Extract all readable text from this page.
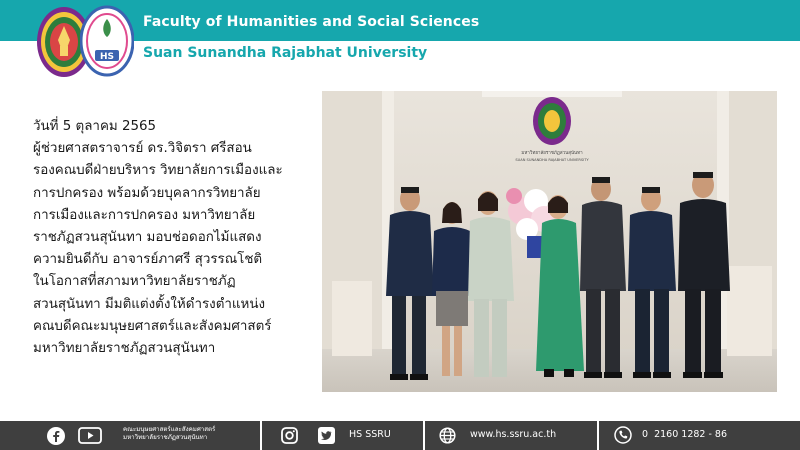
HS
Faculty of Humanities and Social Sciences
Suan Sunandha Rajabhat University
วันที่ 5 ตุลาคม 2565
ผู้ช่วยศาสตราจารย์ ดร.วิจิตรา ศรีสอน
รองคณบดีฝ่ายบริหาร วิทยาลัยการเมืองและ
การปกครอง พร้อมด้วยบุคลากรวิทยาลัย
การเมืองและการปกครอง มหาวิทยาลัย
ราชภัฏสวนสุนันทา มอบช่อดอกไม้แสดง
ความยินดีกับ อาจารย์ภาศรี สุวรรณโชติ
ในโอกาสที่สภามหาวิทยาลัยราชภัฏ
สวนสุนันทา มีมติแต่งตั้งให้ดำรงตำแหน่ง
คณบดีคณะมนุษยศาสตร์และสังคมศาสตร์
มหาวิทยาลัยราชภัฏสวนสุนันทา
มหาวิทยาลัยราชภัฏสวนสุนันทา
SUAN SUNANDHA RAJABHAT UNIVERSITY
คณะมนุษยศาสตร์และสังคมศาสตร์
มหาวิทยาลัยราชภัฏสวนสุนันทา	HS SSRU	www.hs.ssru.ac.th	0  2160 1282 - 86
